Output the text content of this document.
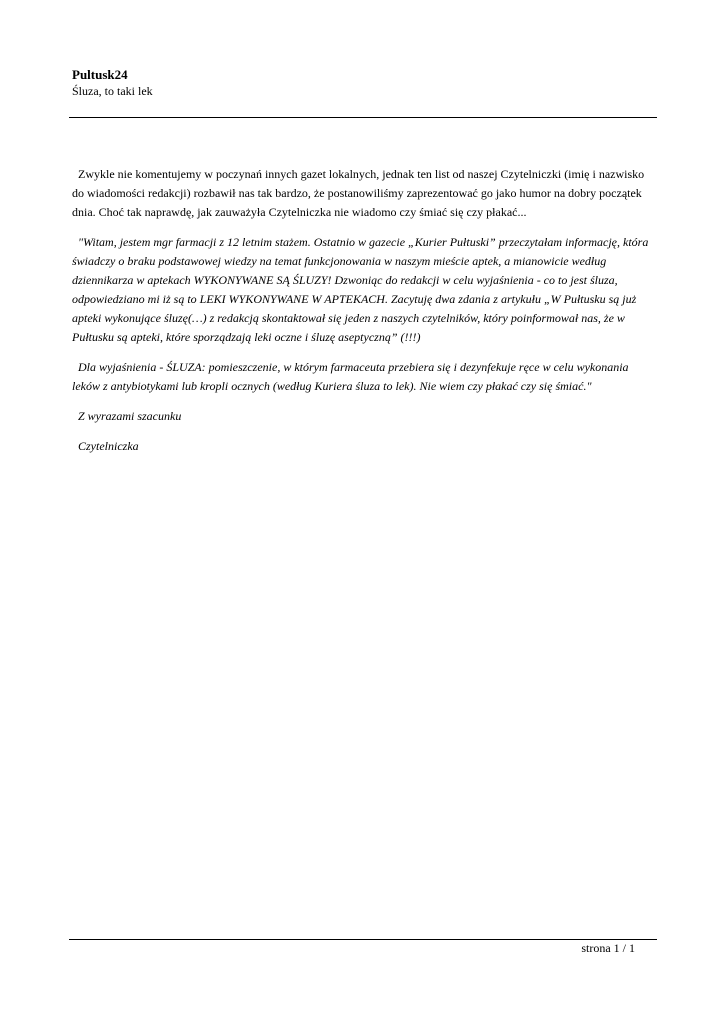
Pultusk24

Śluza, to taki lek

Zwykle nie komentujemy w poczynań innych gazet lokalnych, jednak ten list od naszej Czytelniczki (imię i nazwisko do wiadomości redakcji) rozbawił nas tak bardzo, że postanowiliśmy zaprezentować go jako humor na dobry początek dnia. Choć tak naprawdę, jak zauważyła Czytelniczka nie wiadomo czy śmiać się czy płakać...

"Witam, jestem mgr farmacji z 12 letnim stażem. Ostatnio w gazecie „Kurier Pułtuski” przeczytałam informację, która świadczy o braku podstawowej wiedzy na temat funkcjonowania w naszym mieście aptek, a mianowicie według dziennikarza w aptekach WYKONYWANE SĄ ŚLUZY! Dzwoniąc do redakcji w celu wyjaśnienia - co to jest śluza, odpowiedziano mi iż są to LEKI WYKONYWANE W APTEKACH. Zacytuję dwa zdania z artykułu „W Pułtusku są już apteki wykonujące śluzę(…) z redakcją skontaktował się jeden z naszych czytelników, który poinformował nas, że w Pułtusku są apteki, które sporządzają leki oczne i śluzę aseptyczną” (!!!)

Dla wyjaśnienia - ŚLUZA: pomieszczenie, w którym farmaceuta przebiera się i dezynfekuje ręce w celu wykonania leków z antybiotykami lub kropli ocznych (według Kuriera śluza to lek). Nie wiem czy płakać czy się śmiać."

Z wyrazami szacunku

Czytelniczka

strona 1 / 1
